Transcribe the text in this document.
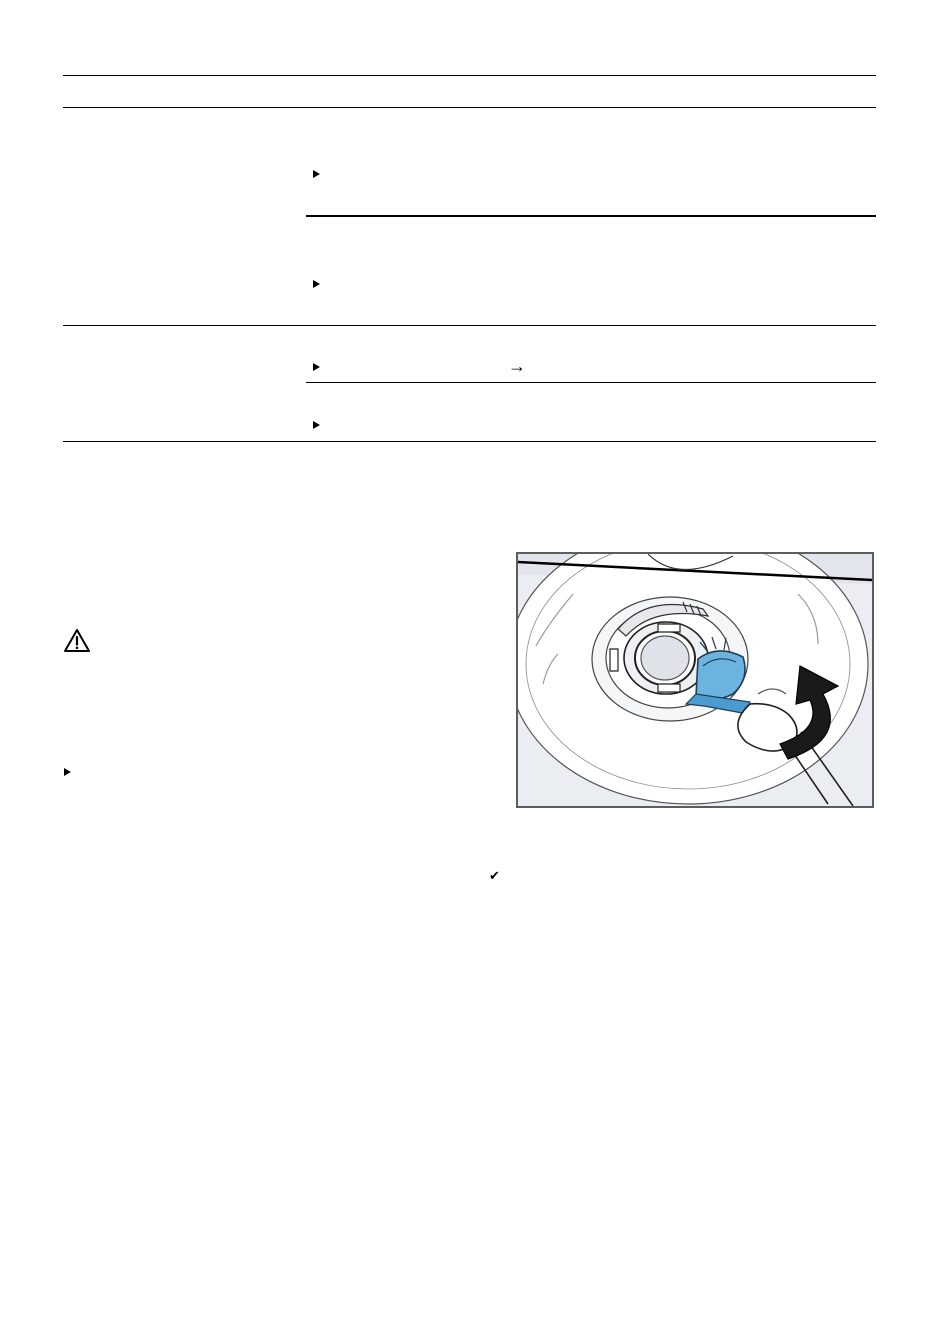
→
✔
